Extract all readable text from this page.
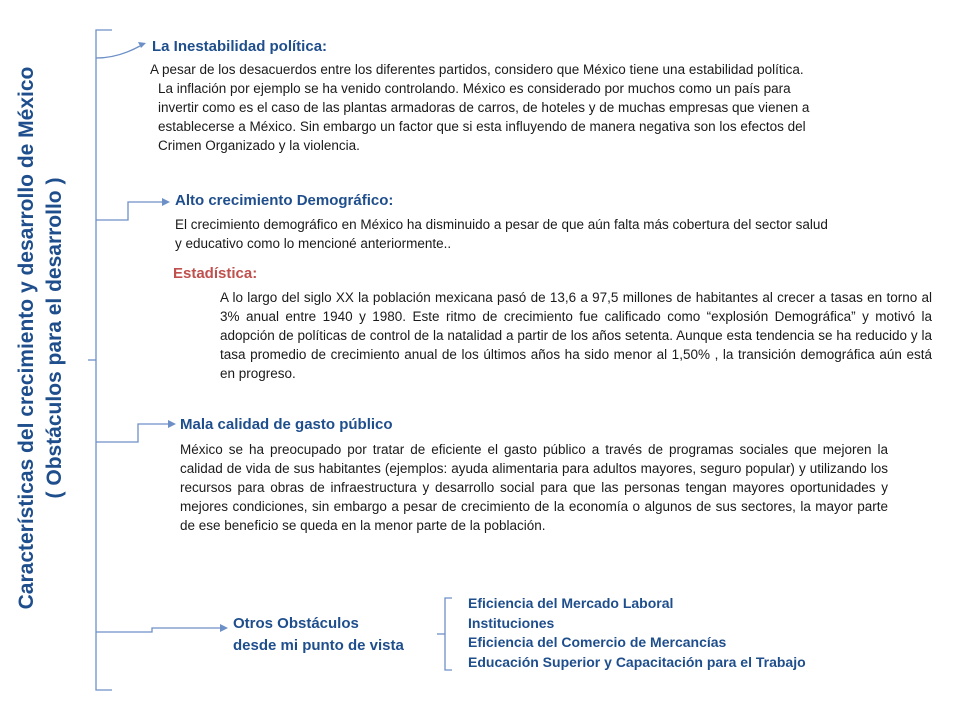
Características del crecimiento y desarrollo de México ( Obstáculos para el desarrollo )
La Inestabilidad política:
A pesar de los desacuerdos entre los diferentes partidos, considero que México tiene una estabilidad política.
La inflación por ejemplo se ha venido controlando. México es considerado por muchos como un país para
invertir como es el caso de las plantas armadoras de carros, de hoteles y de muchas empresas que vienen a
establecerse a México. Sin embargo un factor que si esta influyendo de manera negativa son los efectos del
Crimen Organizado y la violencia.
Alto crecimiento Demográfico:
El crecimiento demográfico en México ha disminuido a pesar de que aún falta más cobertura del sector salud
y educativo como lo mencioné anteriormente..
Estadística:
A lo largo del siglo XX la población mexicana pasó de 13,6 a 97,5 millones de habitantes al crecer a tasas en torno al 3% anual entre 1940 y 1980. Este ritmo de crecimiento fue calificado como “explosión Demográfica” y motivó la adopción de políticas de control de la natalidad a partir de los años setenta. Aunque esta tendencia se ha reducido y la tasa promedio de crecimiento anual de los últimos años ha sido menor al 1,50% , la transición demográfica aún está en progreso.
Mala calidad de gasto público
México se ha preocupado por tratar de eficiente el gasto público a través de programas sociales que mejoren la calidad de vida de sus habitantes (ejemplos: ayuda alimentaria para adultos mayores, seguro popular) y utilizando los recursos para obras de infraestructura y desarrollo social para que las personas tengan mayores oportunidades y mejores condiciones, sin embargo a pesar de crecimiento de la economía o algunos de sus sectores, la mayor parte de ese beneficio se queda en la menor parte de la población.
Otros Obstáculos
desde mi punto de vista
Eficiencia del Mercado Laboral
Instituciones
Eficiencia del Comercio de Mercancías
Educación Superior y Capacitación para el Trabajo
